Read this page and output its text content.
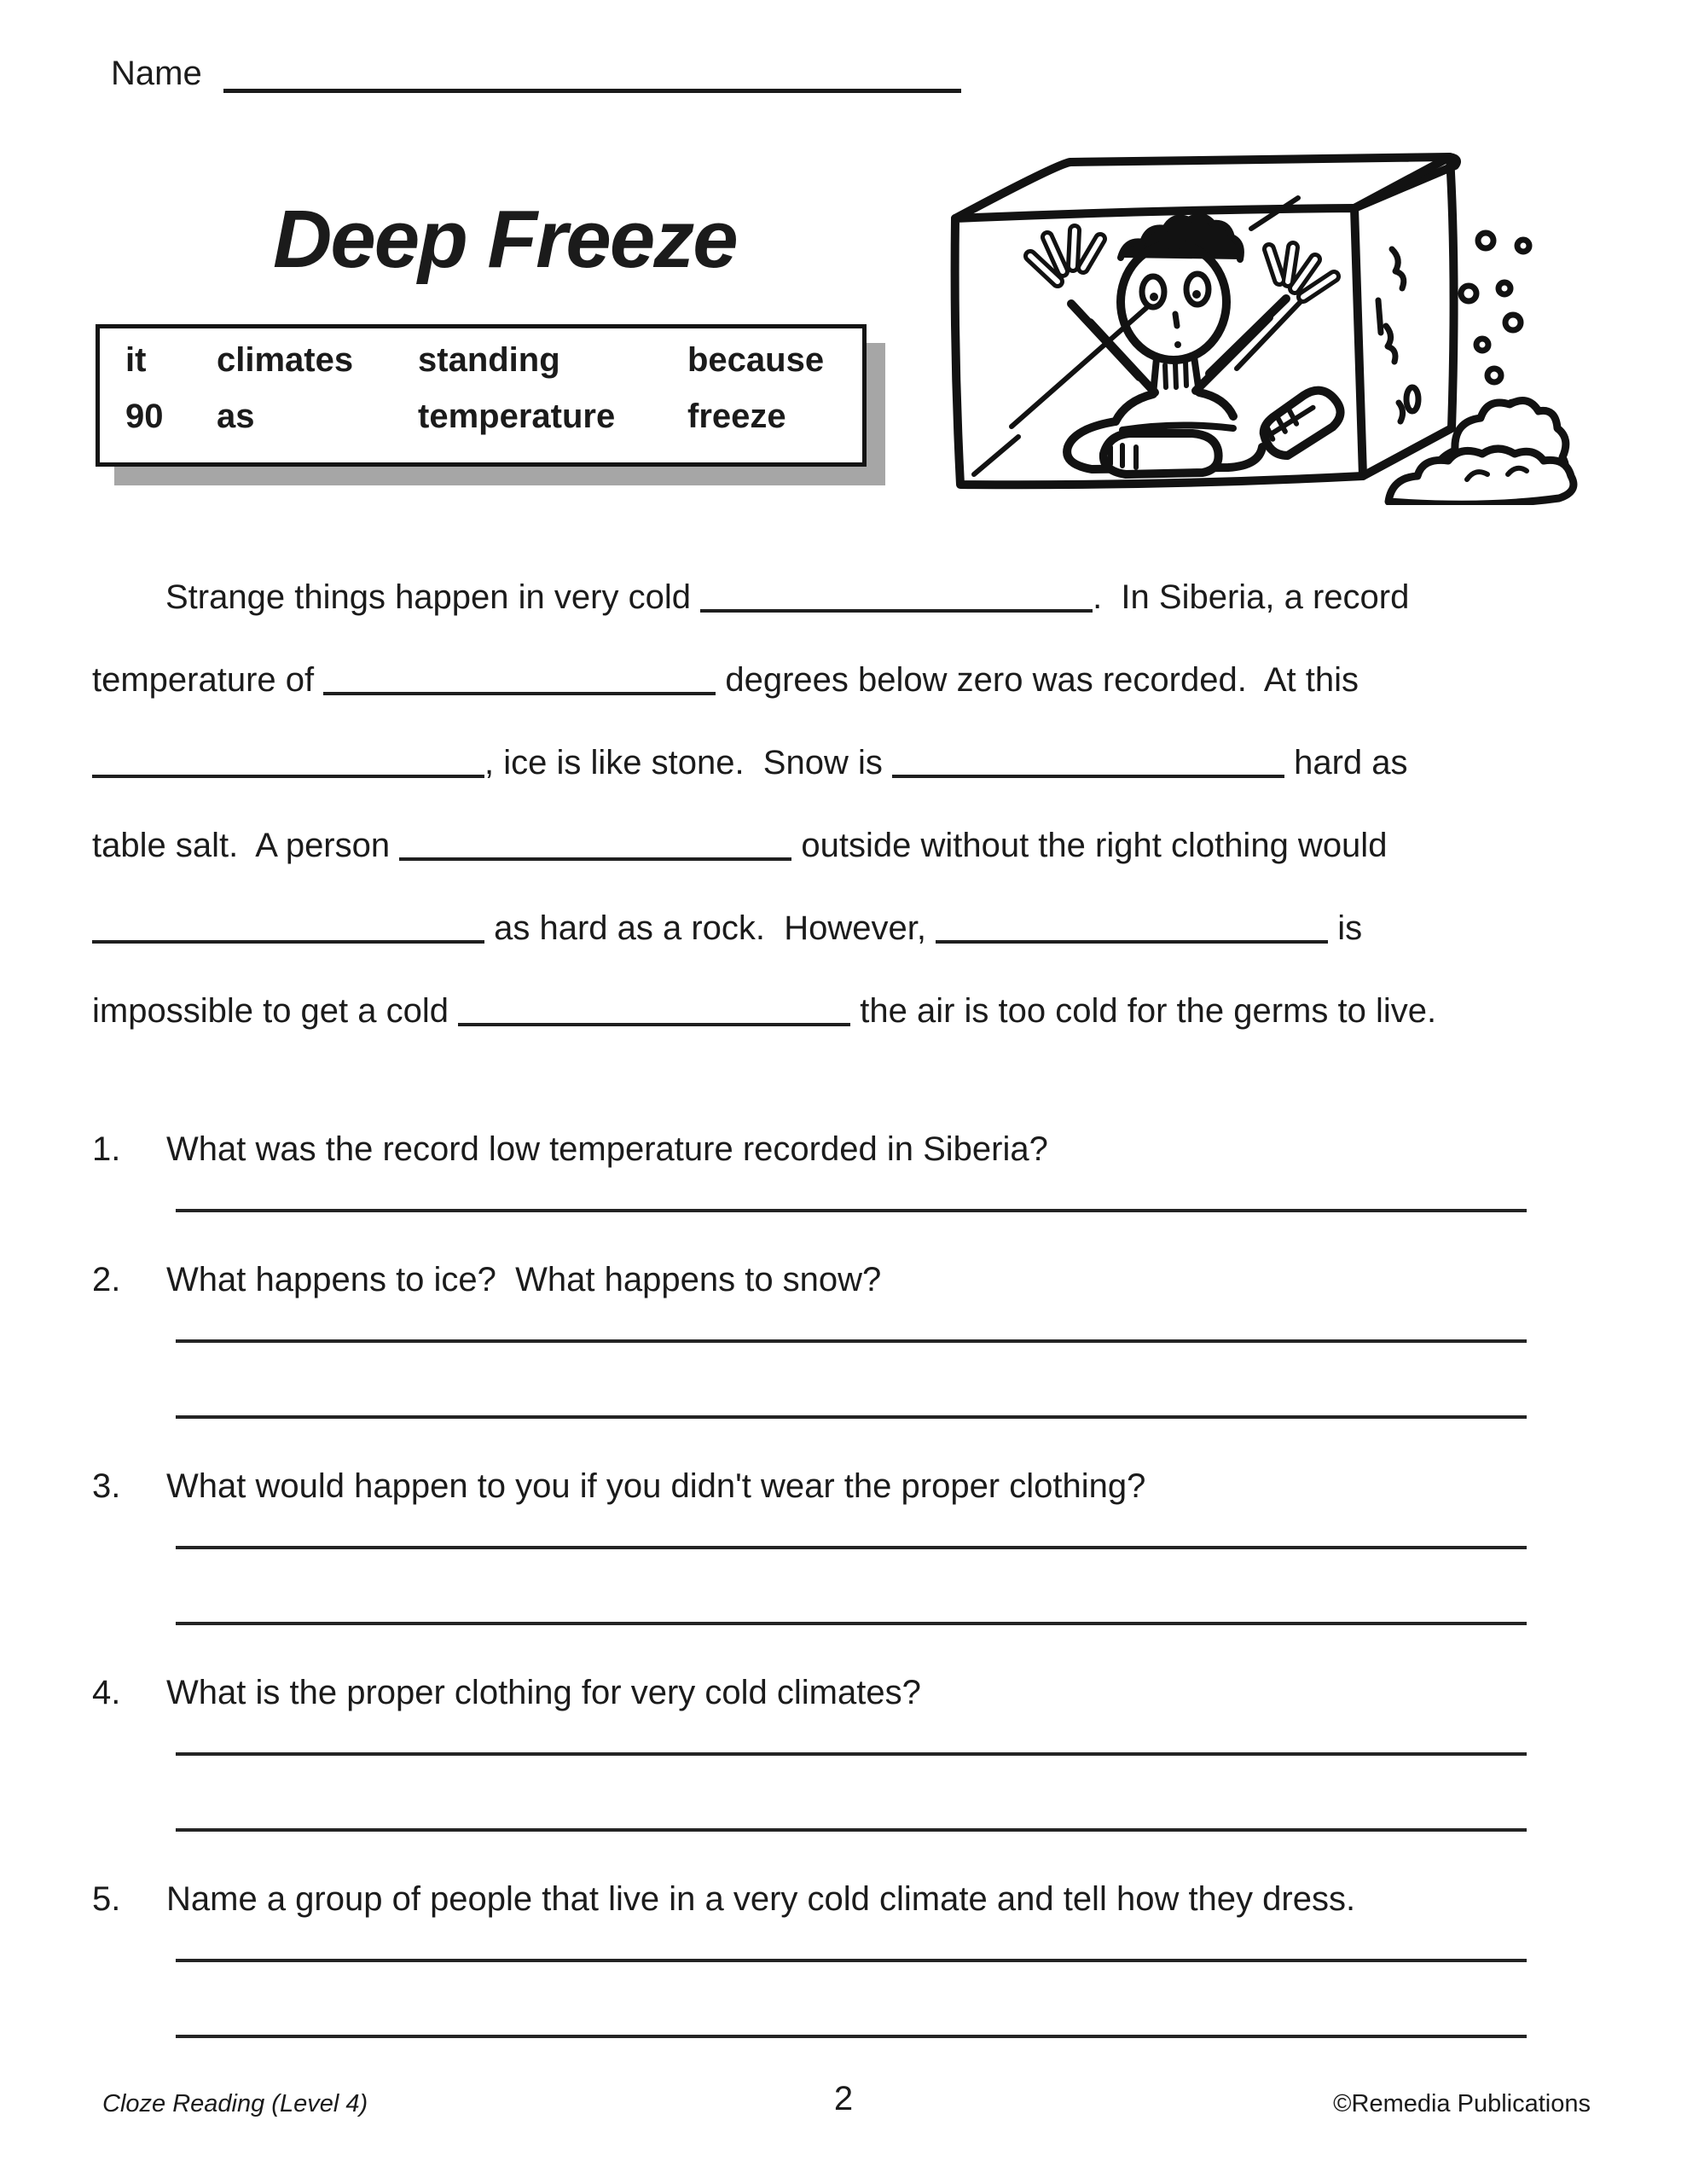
Name
Deep Freeze
it	climates	standing	because
90	as	temperature	freeze
Strange things happen in very cold	.  In Siberia, a record
temperature of	degrees below zero was recorded.  At this
, ice is like stone.  Snow is	hard as
table salt.  A person	outside without the right clothing would
as hard as a rock.  However,	is
impossible to get a cold	the air is too cold for the germs to live.
1.	What was the record low temperature recorded in Siberia?
2.	What happens to ice?  What happens to snow?
3.	What would happen to you if you didn't wear the proper clothing?
4.	What is the proper clothing for very cold climates?
5.	Name a group of people that live in a very cold climate and tell how they dress.
Cloze Reading (Level 4)	2	©Remedia Publications
